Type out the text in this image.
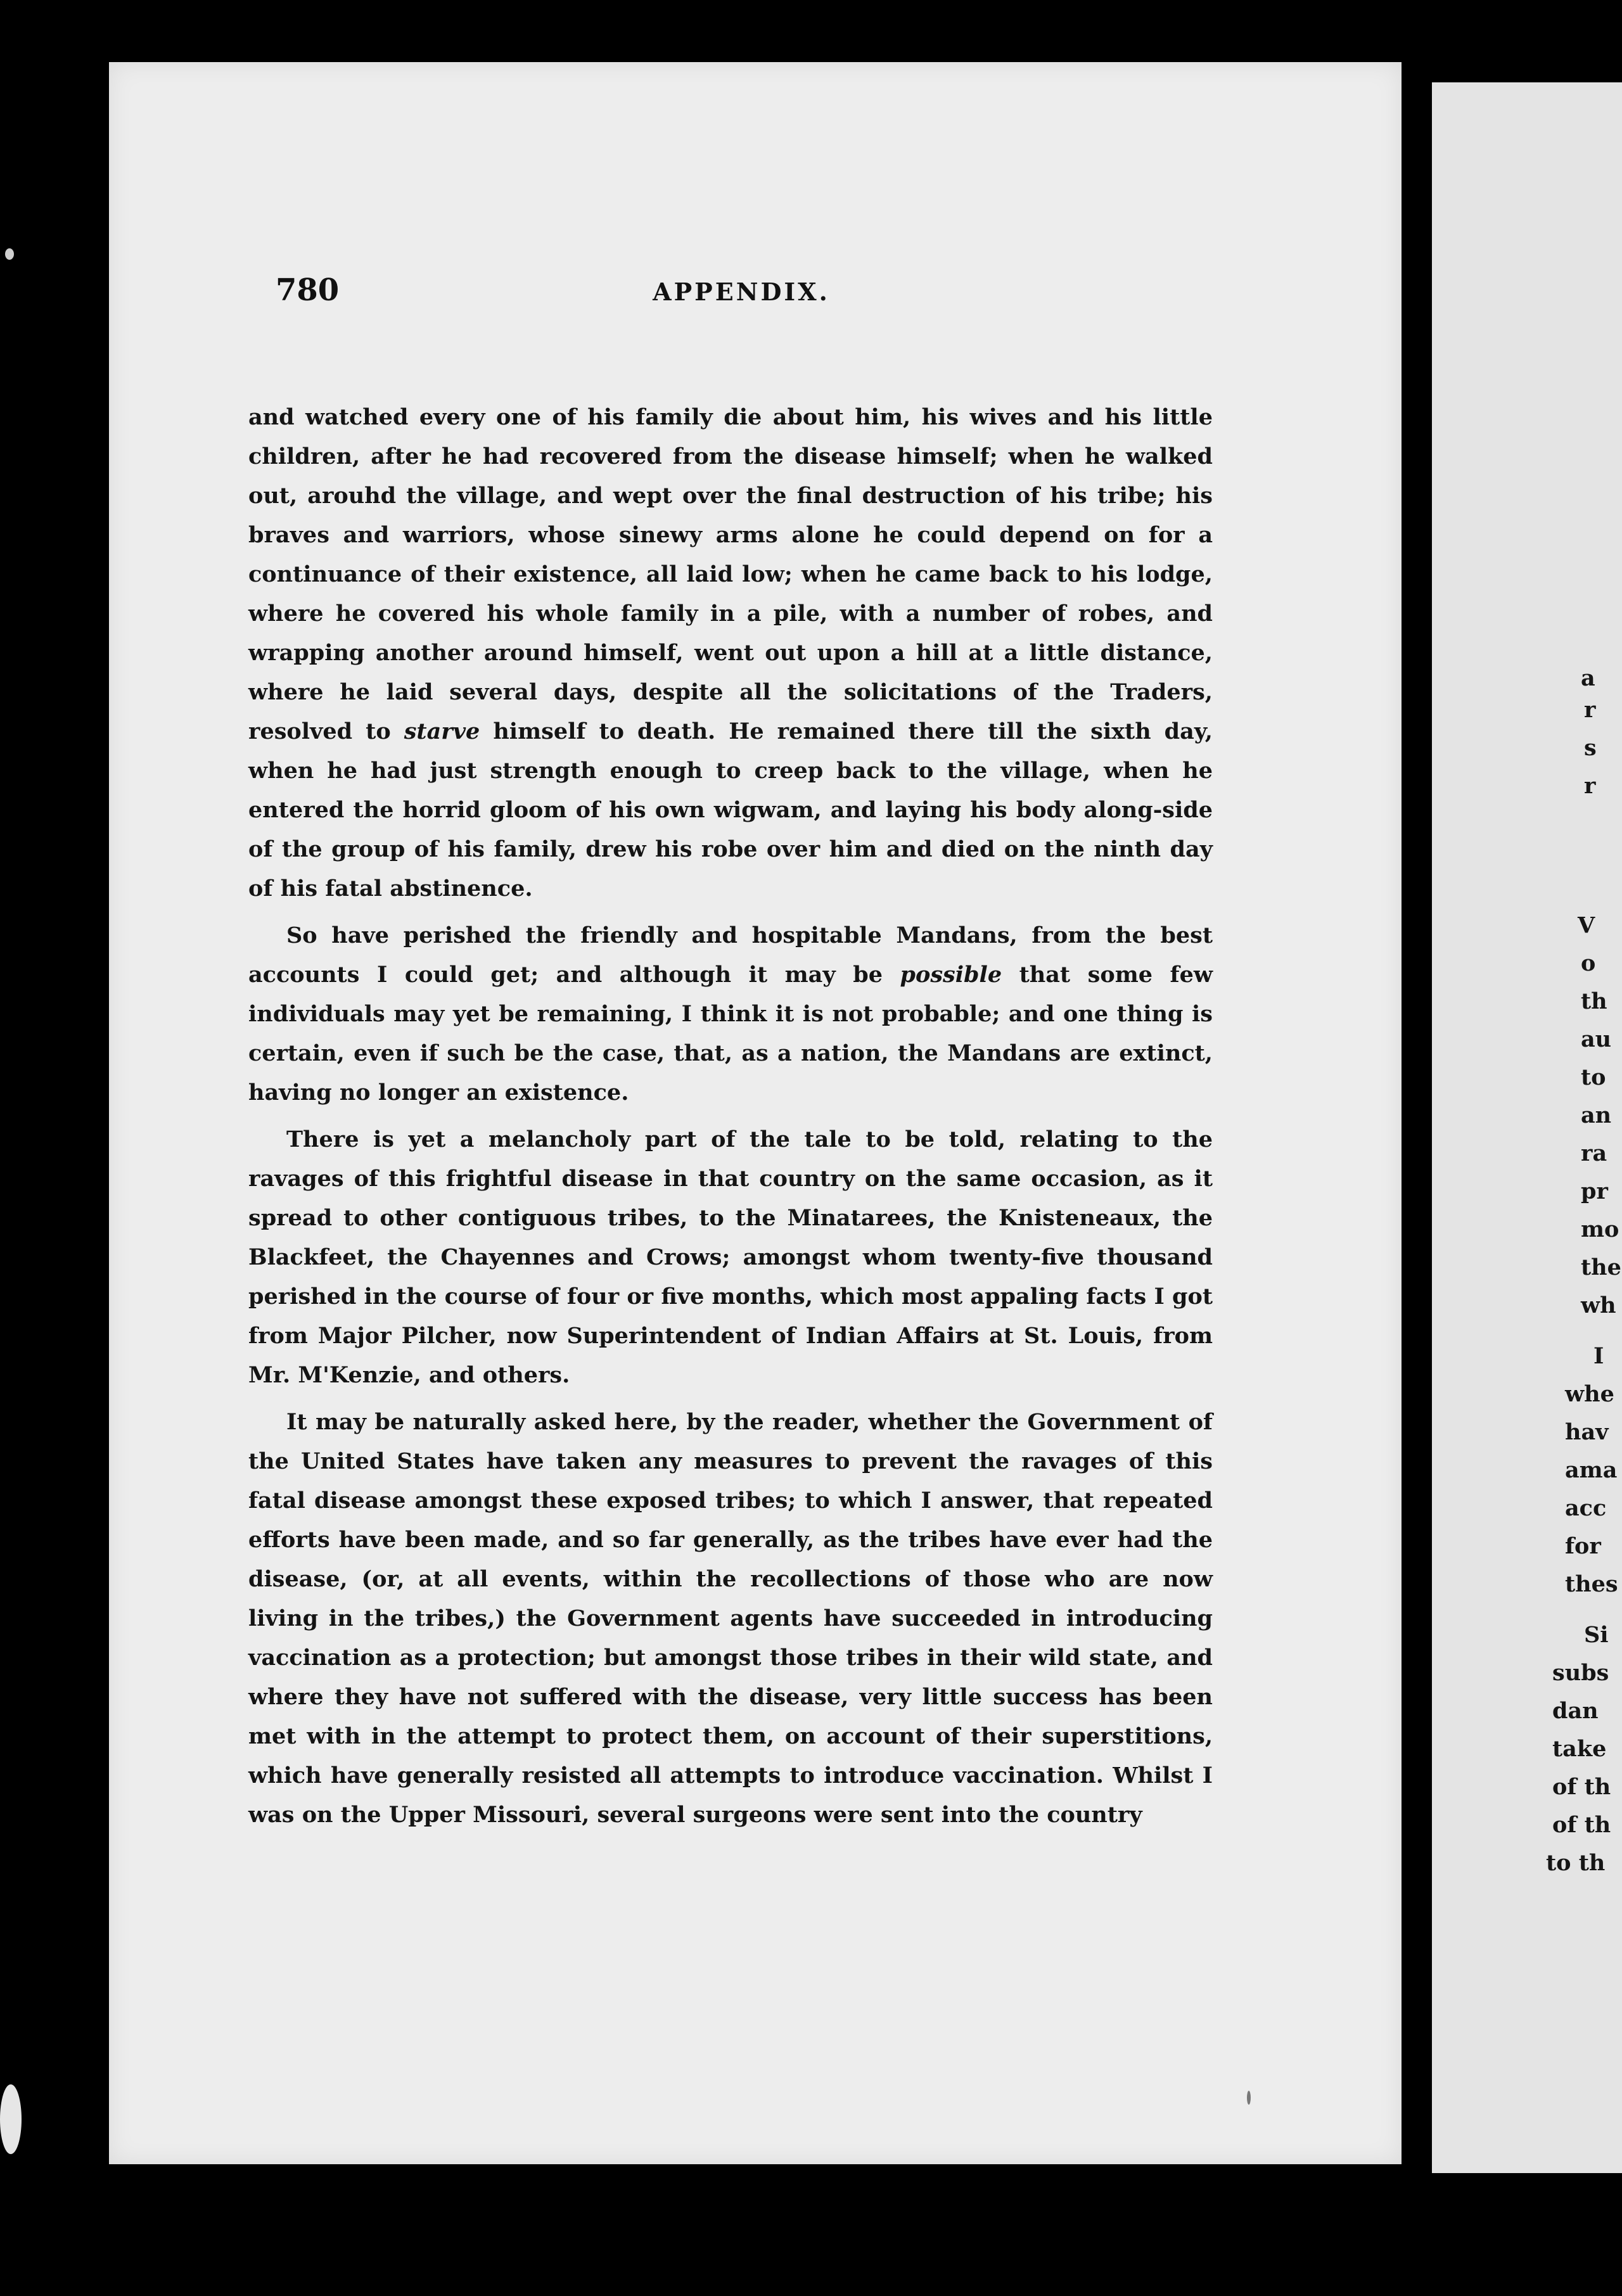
780	APPENDIX.

and watched every one of his family die about him, his wives and his little children, after he had recovered from the disease himself; when he walked out, arouhd the village, and wept over the final destruction of his tribe; his braves and warriors, whose sinewy arms alone he could depend on for a continuance of their existence, all laid low; when he came back to his lodge, where he covered his whole family in a pile, with a number of robes, and wrapping another around himself, went out upon a hill at a little distance, where he laid several days, despite all the solicitations of the Traders, resolved to starve himself to death. He remained there till the sixth day, when he had just strength enough to creep back to the village, when he entered the horrid gloom of his own wigwam, and laying his body along-side of the group of his family, drew his robe over him and died on the ninth day of his fatal abstinence.

So have perished the friendly and hospitable Mandans, from the best accounts I could get; and although it may be possible that some few individuals may yet be remaining, I think it is not probable; and one thing is certain, even if such be the case, that, as a nation, the Mandans are extinct, having no longer an existence.

There is yet a melancholy part of the tale to be told, relating to the ravages of this frightful disease in that country on the same occasion, as it spread to other contiguous tribes, to the Minatarees, the Knisteneaux, the Blackfeet, the Chayennes and Crows; amongst whom twenty-five thousand perished in the course of four or five months, which most appaling facts I got from Major Pilcher, now Superintendent of Indian Affairs at St. Louis, from Mr. M'Kenzie, and others.

It may be naturally asked here, by the reader, whether the Government of the United States have taken any measures to prevent the ravages of this fatal disease amongst these exposed tribes; to which I answer, that repeated efforts have been made, and so far generally, as the tribes have ever had the disease, (or, at all events, within the recollections of those who are now living in the tribes,) the Government agents have succeeded in introducing vaccination as a protection; but amongst those tribes in their wild state, and where they have not suffered with the disease, very little success has been met with in the attempt to protect them, on account of their superstitions, which have generally resisted all attempts to introduce vaccination. Whilst I was on the Upper Missouri, several surgeons were sent into the country

a
r
s
r
V
o
th
au
to
an
ra
pr
mo
the
wh
I
whe
hav
ama
acc
for
thes
Si
subs
dan
take
of th
of th
to th
